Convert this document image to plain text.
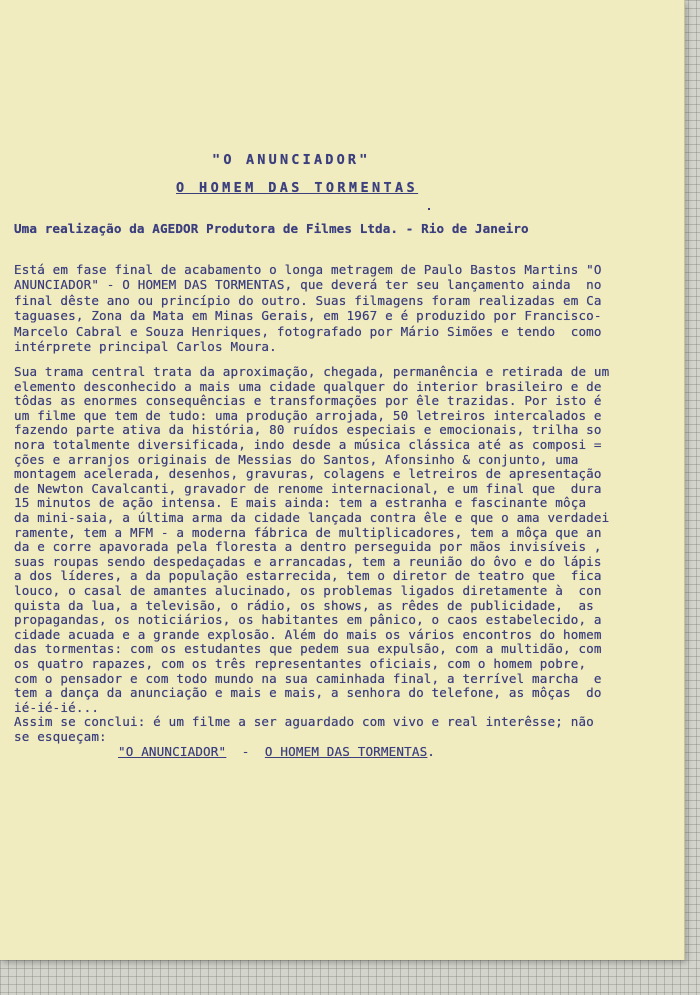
"O ANUNCIADOR"
O HOMEM DAS TORMENTAS
Uma realização da AGEDOR Produtora de Filmes Ltda. - Rio de Janeiro
Está em fase final de acabamento o longa metragem de Paulo Bastos Martins "O
ANUNCIADOR" - O HOMEM DAS TORMENTAS, que deverá ter seu lançamento ainda  no
final dêste ano ou princípio do outro. Suas filmagens foram realizadas em Ca
taguases, Zona da Mata em Minas Gerais, em 1967 e é produzido por Francisco-
Marcelo Cabral e Souza Henriques, fotografado por Mário Simões e tendo  como
intérprete principal Carlos Moura.
Sua trama central trata da aproximação, chegada, permanência e retirada de um
elemento desconhecido a mais uma cidade qualquer do interior brasileiro e de
tôdas as enormes consequências e transformações por êle trazidas. Por isto é
um filme que tem de tudo: uma produção arrojada, 50 letreiros intercalados e
fazendo parte ativa da história, 80 ruídos especiais e emocionais, trilha so
nora totalmente diversificada, indo desde a música clássica até as composi =
ções e arranjos originais de Messias do Santos, Afonsinho & conjunto, uma
montagem acelerada, desenhos, gravuras, colagens e letreiros de apresentação
de Newton Cavalcanti, gravador de renome internacional, e um final que  dura
15 minutos de ação intensa. E mais ainda: tem a estranha e fascinante môça
da mini-saia, a última arma da cidade lançada contra êle e que o ama verdadei
ramente, tem a MFM - a moderna fábrica de multiplicadores, tem a môça que an
da e corre apavorada pela floresta a dentro perseguida por mãos invisíveis ,
suas roupas sendo despedaçadas e arrancadas, tem a reunião do ôvo e do lápis
a dos líderes, a da população estarrecida, tem o diretor de teatro que  fica
louco, o casal de amantes alucinado, os problemas ligados diretamente à  con
quista da lua, a televisão, o rádio, os shows, as rêdes de publicidade,  as
propagandas, os noticiários, os habitantes em pânico, o caos estabelecido, a
cidade acuada e a grande explosão. Além do mais os vários encontros do homem
das tormentas: com os estudantes que pedem sua expulsão, com a multidão, com
os quatro rapazes, com os três representantes oficiais, com o homem pobre,
com o pensador e com todo mundo na sua caminhada final, a terrível marcha  e
tem a dança da anunciação e mais e mais, a senhora do telefone, as môças  do
ié-ié-ié...
Assim se conclui: é um filme a ser aguardado com vivo e real interêsse; não
se esqueçam:
"O ANUNCIADOR"  -  O HOMEM DAS TORMENTAS.
